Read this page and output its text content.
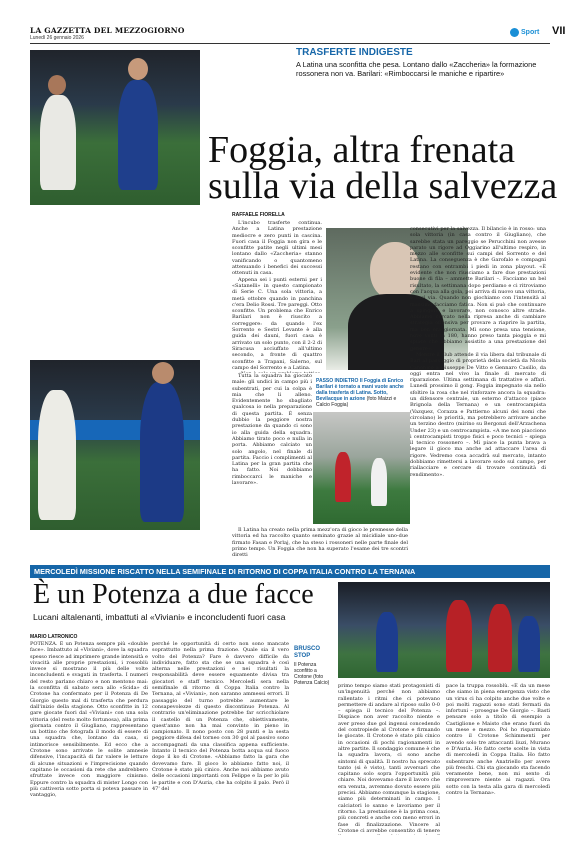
LA GAZZETTA DEL MEZZOGIORNO
Lunedì 26 gennaio 2026
Sport VII
TRASFERTE INDIGESTE
A Latina una sconfitta che pesa. Lontano dallo «Zaccheria» la formazione rossonera non va. Barilari: «Rimboccarsi le maniche e ripartire»
Foggia, altra frenata
sulla via della salvezza
RAFFAELE FIORELLA

L'incubo trasferte continua. Anche a Latina prestazione mediocre e zero punti in cascina. Fuori casa il Foggia non gira e le sconfitte patite negli ultimi mesi lontano dallo «Zaccheria» stanno vanificando o quantomeno attenuando i benefici dei successi ottenuti in casa.

Appena sei i punti esterni per i «Satanelli» in questo campionato di Serie C. Una sola vittoria, a metà ottobre quando in panchina c'era Delio Rossi. Tre pareggi. Otto sconfitte. Un problema che Enrico Barilari non è riuscito a correggere: da quando l'ex Sorrento e Sestri Levante è alla guida dei dauni, fuori casa è arrivato un solo punto, con il 2-2 di Siracusa acciuffato all'ultimo secondo, a fronte di quattro sconfitte a Trapani, Salerno, sul campo del Sorrento e a Latina.

Tutta la squadra ha giocato male: gli undici in campo più i subentrati, per cui la colpa è mia che li alleno. Evidentemente ho sbagliato qualcosa io nella preparazione di questa partita. È senza dubbio la peggiore nostra prestazione da quando ci sono io alla guida della squadra. Abbiamo tirato poco e nulla in porta. Abbiamo calciato un solo angolo, nel finale di partita. Faccio i complimenti al Latina per la gran partita che ha fatto. Noi dobbiamo rimboccarci le maniche e lavorare».

PASSO INDIETRO Il Foggia di Enrico Barilari è tornato a mani vuote anche dalla trasferta di Latina. Sotto, Bevilacque in azione (foto Maizzi e Calcio Foggia)

Il Latina ha creato nella prima mezz'ora di gioco le premesse della vittoria ed ha raccolto quanto seminato grazie al micidiale uno-due firmato Fasan e Porlaj, che ha steso i rossoneri nelle parte finale del primo tempo. Un Foggia che non ha superato l'esame dei tre scontri diretti

consecutivi per la salvezza. Il bilancio è in rosso: una sola vittoria (in casa contro il Giugliano), che sarebbe stata un pareggio se Perucchini non avesse parato un rigore ad Oggiarino all'ultimo respiro, in mezzo alle sconfitte sui campi del Sorrento e del Latina. La conseguenza è che Garofalo e compagni restano con entrambi i piedi in zona playout. «È evidente che non riusciamo a fare due prestazioni buone di fila – ammette Barilari –. Facciamo un bel risultato, la settimana dopo perdiamo e ci ritroviamo con l'acqua alla gola, poi arriva di nuovo una vittoria, e così via. Quando non giochiamo con l'intensità al massimo facciamo fatica. Non si può che continuare a spingere e lavorare, non conosco altre strade. Abbiamo cercato nella ripresa anche di cambiare strategia offensiva per provare a riaprire la partita, ma ben era giornata. Mi sono presa una tensione, nove venti in 180, hanno preso tanta pioggia e mi spiace che abbiamo assistito a una prestazione del genere».

Mentre il club attende il via libera dal tribunale di Bari al passaggio di proprietà della società da Nicola Canonico a Giuseppe De Vitto e Gennaro Casillo, da oggi entra nel vivo la finale di mercato di riparazione. Ultima settimana di trattative e affari. Lunedì prossimo il gong. Foggia impegnato sia nello sfoltire la rosa che nel rinforzare ancora la squadra: un difensore centrale, un esterno d'attacco (piace Brignola della Ternana) e un centrocampista (Vazquez, Corazza e Pattierno alcuni dei nomi che circolano) le priorità, ma potrebbero arrivare anche un terzino destro (mirino su Bergonzi dell'Arzachena Under 23) e un centrocampista. «A me non piacciono i centrocampisti troppo fisici e poco tecnici – spiega il tecnico rossonero –. Mi piace la punta brava a legare il gioco ma anche ad attaccare l'area di rigore. Vedremo cosa accadrà sul mercato, intanto dobbiamo rimettersi a lavorare sodo sul campo, per riallacciare e cercare di trovare continuità di rendimento».

MERCOLEDÌ MISSIONE RISCATTO NELLA SEMIFINALE DI RITORNO DI COPPA ITALIA CONTRO LA TERNANA
È un Potenza a due facce
Lucani altalenanti, imbattuti al «Viviani» e inconcludenti fuori casa
MARIO LATRONICO

POTENZA. È un Potenza sempre più «double face». Imbattuto al «Viviani», dove la squadra spesso riesce ad imprimere grande intensità e vivacità alle proprie prestazioni, i rossoblù invece si mostrano il più delle volte inconcludenti e svagati in trasferta. I numeri del resto parlano chiaro e non mentono mai: la sconfitta di sabato sera allo «Scida» di Crotone ha confermato per il Potenza di De Giorgio questo mal di trasferta che perdura dall'inizio della stagione. Otto sconfitte in 12 gare giocate fuori dal «Viviani» con una sola vittoria (del resto molto fortunosa), alla prima giornata contro il Giugliano, rappresentano un bottino che fotografa il modo di essere di una squadra che, lontano da casa, si intimorisce sensibilmente. Ed ecco che a Crotone sono arrivate le solite amnesie difensive, l'incapacità di far valere le letture di alcune situazioni e l'imprecisione quando capitano le occasioni da rete che andrebbero sfruttate invece con maggiore cinismo. Eppure contro la squadra di mister Longo con più cattiveria sotto porta si poteva passare in vantaggio,

perché le opportunità di certo non sono mancate soprattutto nella prima frazione. Quale sia il vero volto del Potenza? Fare è davvero difficile da individuare, fatto sta che se una squadra è così alterna nelle prestazioni e nei risultati la responsabilità deve essere equamente divisa tra giocatori e staff tecnico. Mercoledì sera nella semifinale di ritorno di Coppa Italia contro la Ternana, al «Viviani», non saranno ammessi errori. Il passaggio del turno potrebbe aumentare le consapevolezze di questo discontinuo Potenza. Al contrario un'eliminazione potrebbe far scricchiolare il castello di un Potenza che, obiettivamente, quest'anno non ha mai convinto in pieno in campionato. Il nono posto con 28 punti e la sesta peggiore difesa del torneo con 30 gol al passivo sono accompagnati da una classifica appena sufficiente. Intanto il tecnico del Potenza botta acqua sul fuoco dopo il ko di Crotone. «Abbiamo fatto la gara che dovevamo fare. Il gioco lo abbiamo fatto noi, il Crotone è stato più cinico. Anche noi abbiamo avuto delle occasioni importanti con Felippe e Ia per lo più le partite e con D'Auria, che ha colpito il palo. Però il 47' del

BRUSCO STOP
Il Potenza sconfitto a Crotone (foto Potenza Calcio)	primo tempo siamo stati protagonisti di un'ingenuità perché non abbiamo rallentato i ritmi che ci potevano permettere di andare al riposo sullo 0-0 – spiega il tecnico del Potenza –. Dispiace non aver raccolto niente e aver preso due gol ingenui concedendo del contropiede al Crotone e firmando le giocate. Il Crotone è stato più cinico in occasioni di pochi ragionamenti in altre partite. Il sondaggio comune è che la squadra lavora, ci sono anche sintomi di qualità. Il nostro ha sprecato tanto (si è visto), tanti avversari che capitano solo sopra l'opportunità più chiare. Noi dovevamo dare il lavoro che era venuta, avremmo dovuto essere più precisi. Abbiamo comunque la stagione, siamo più determinati in campo. I calciatori lo sanno e lavoriamo per il ritorno. La prestazione è la prima cosa, più concreti e anche con meno errori in fase di finalizzazione. Vincere al Crotone ci avrebbe consentito di tenere

pace la truppa rossoblù. «È da un mese che siamo in piena emergenza visto che un virus ci ha colpito anche due volte e poi molti ragazzi sono stati fermati da infortuni – prosegue De Giorgio –. Basti pensare solo a titolo di esempio a Castiglione e Maisto che erano fuori da un mese e mezzo. Poi ho risparmiato contro il Crotone Schimmenti per avendo solo tre attaccanti liuzi, Murano e D'Auria. Ho fatto certe scelte in vista di mercoledì in Coppa Italia. Ho fatto subentrare anche Anatriello per avere più freschi. Chi sta giocando sta facendo veramente bene, non mi sento di rimproverare niente ai ragazzi. Ora sotto con la testa alla gara di mercoledì contro la Ternana».
